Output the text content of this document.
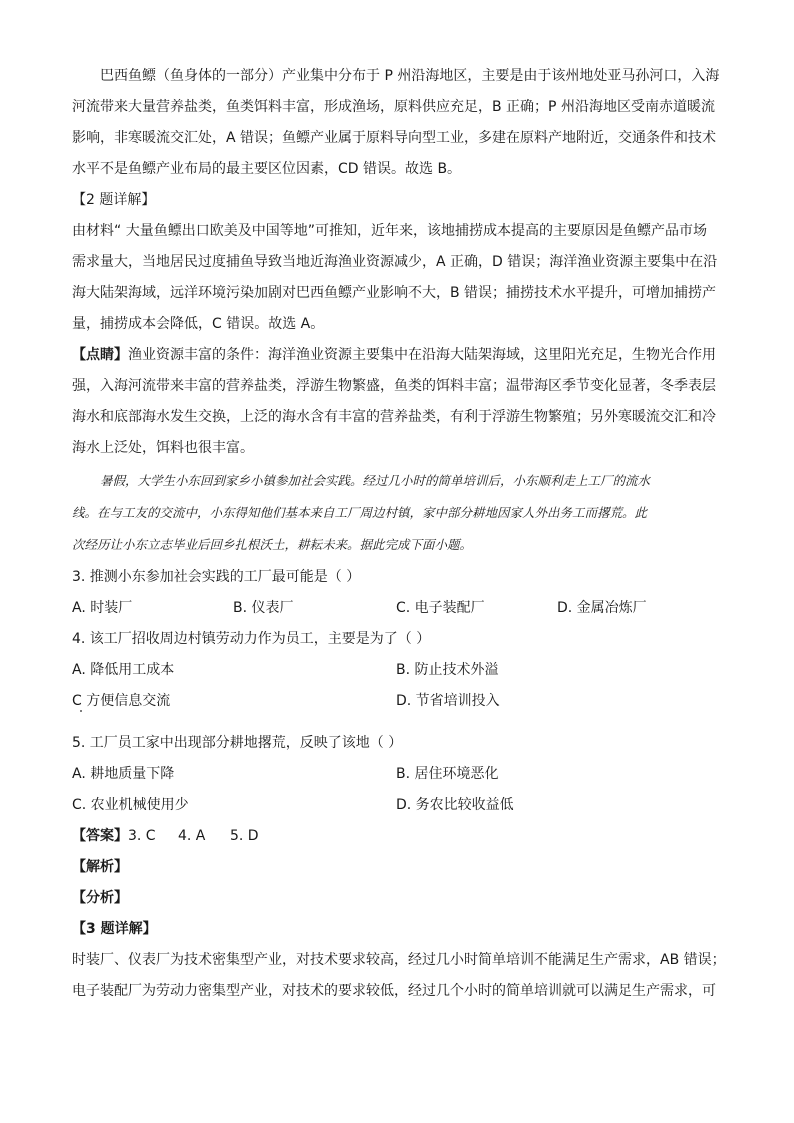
巴西鱼鳔（鱼身体的一部分）产业集中分布于 P 州沿海地区，主要是由于该州地处亚马孙河口，入海
河流带来大量营养盐类，鱼类饵料丰富，形成渔场，原料供应充足，B 正确；P 州沿海地区受南赤道暖流
影响，非寒暖流交汇处，A 错误；鱼鳔产业属于原料导向型工业，多建在原料产地附近，交通条件和技术
水平不是鱼鳔产业布局的最主要区位因素，CD 错误。故选 B。
【2 题详解】
由材料“ 大量鱼鳔出口欧美及中国等地”可推知，近年来，该地捕捞成本提高的主要原因是鱼鳔产品市场
需求量大，当地居民过度捕鱼导致当地近海渔业资源减少，A 正确，D 错误；海洋渔业资源主要集中在沿
海大陆架海域，远洋环境污染加剧对巴西鱼鳔产业影响不大，B 错误；捕捞技术水平提升，可增加捕捞产
量，捕捞成本会降低，C 错误。故选 A。
【点睛】渔业资源丰富的条件：海洋渔业资源主要集中在沿海大陆架海域，这里阳光充足，生物光合作用
强，入海河流带来丰富的营养盐类，浮游生物繁盛，鱼类的饵料丰富；温带海区季节变化显著，冬季表层
海水和底部海水发生交换，上泛的海水含有丰富的营养盐类，有利于浮游生物繁殖；另外寒暖流交汇和冷
海水上泛处，饵料也很丰富。
暑假，大学生小东回到家乡小镇参加社会实践。经过几小时的简单培训后，小东顺利走上工厂的流水
线。在与工友的交流中，小东得知他们基本来自工厂周边村镇，家中部分耕地因家人外出务工而撂荒。此
次经历让小东立志毕业后回乡扎根沃土，耕耘未来。据此完成下面小题。
3. 推测小东参加社会实践的工厂最可能是（ ）
A. 时装厂	B. 仪表厂	C. 电子装配厂	D. 金属冶炼厂
4. 该工厂招收周边村镇劳动力作为员工，主要是为了（ ）
A. 降低用工成本	B. 防止技术外溢
C 方便信息交流	D. 节省培训投入
5. 工厂员工家中出现部分耕地撂荒，反映了该地（ ）
A. 耕地质量下降	B. 居住环境恶化
C. 农业机械使用少	D. 务农比较收益低
【答案】3. C 4. A 5. D
【解析】
【分析】
【3 题详解】
时装厂、仪表厂为技术密集型产业，对技术要求较高，经过几小时简单培训不能满足生产需求，AB 错误；
电子装配厂为劳动力密集型产业，对技术的要求较低，经过几个小时的简单培训就可以满足生产需求，可
